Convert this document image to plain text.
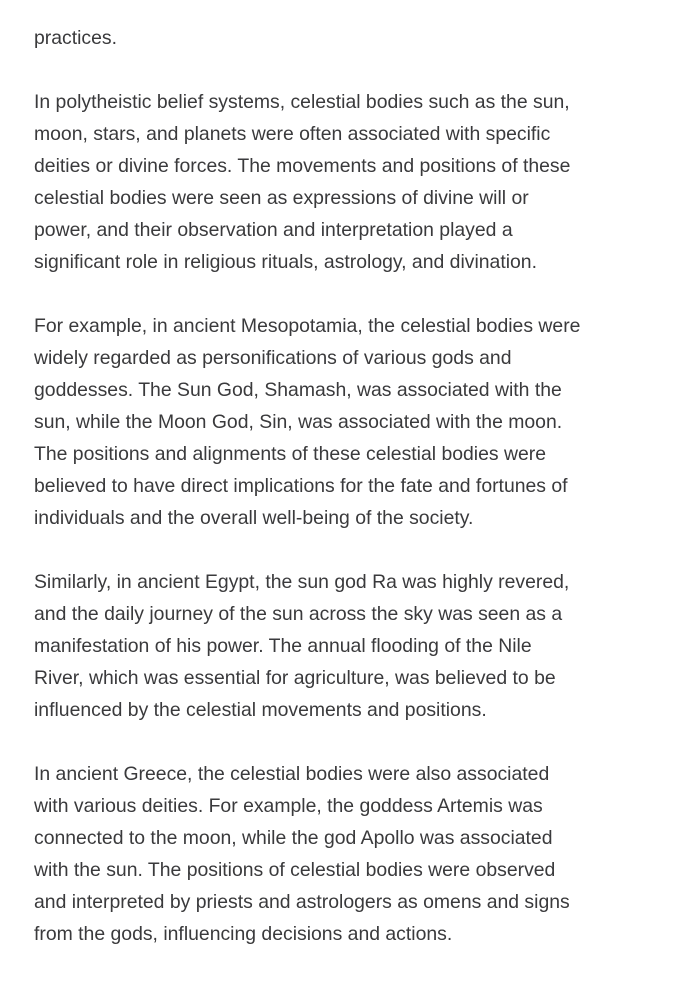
practices.

In polytheistic belief systems, celestial bodies such as the sun,
moon, stars, and planets were often associated with specific
deities or divine forces. The movements and positions of these
celestial bodies were seen as expressions of divine will or
power, and their observation and interpretation played a
significant role in religious rituals, astrology, and divination.

For example, in ancient Mesopotamia, the celestial bodies were
widely regarded as personifications of various gods and
goddesses. The Sun God, Shamash, was associated with the
sun, while the Moon God, Sin, was associated with the moon.
The positions and alignments of these celestial bodies were
believed to have direct implications for the fate and fortunes of
individuals and the overall well-being of the society.

Similarly, in ancient Egypt, the sun god Ra was highly revered,
and the daily journey of the sun across the sky was seen as a
manifestation of his power. The annual flooding of the Nile
River, which was essential for agriculture, was believed to be
influenced by the celestial movements and positions.

In ancient Greece, the celestial bodies were also associated
with various deities. For example, the goddess Artemis was
connected to the moon, while the god Apollo was associated
with the sun. The positions of celestial bodies were observed
and interpreted by priests and astrologers as omens and signs
from the gods, influencing decisions and actions.
